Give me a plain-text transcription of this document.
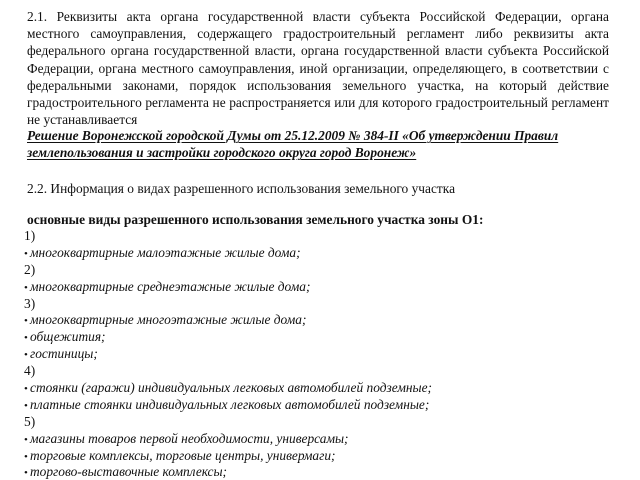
2.1. Реквизиты акта органа государственной власти субъекта Российской Федерации, органа местного самоуправления, содержащего градостроительный регламент либо реквизиты акта федерального органа государственной власти, органа государственной власти субъекта Российской Федерации, органа местного самоуправления, иной организации, определяющего, в соответствии с федеральными законами, порядок использования земельного участка, на который действие градостроительного регламента не распространяется или для которого градостроительный регламент не устанавливается

Решение Воронежской городской Думы от 25.12.2009 № 384-II «Об утверждении Правил землепользования и застройки городского округа город Воронеж»

2.2. Информация о видах разрешенного использования земельного участка

основные виды разрешенного использования земельного участка зоны О1:

1)
• многоквартирные малоэтажные жилые дома;
2)
• многоквартирные среднеэтажные жилые дома;
3)
• многоквартирные многоэтажные жилые дома;
• общежития;
• гостиницы;
4)
• стоянки (гаражи) индивидуальных легковых автомобилей подземные;
• платные стоянки индивидуальных легковых автомобилей подземные;
5)
• магазины товаров первой необходимости, универсамы;
• торговые комплексы, торговые центры, универмаги;
• торгово-выставочные комплексы;
